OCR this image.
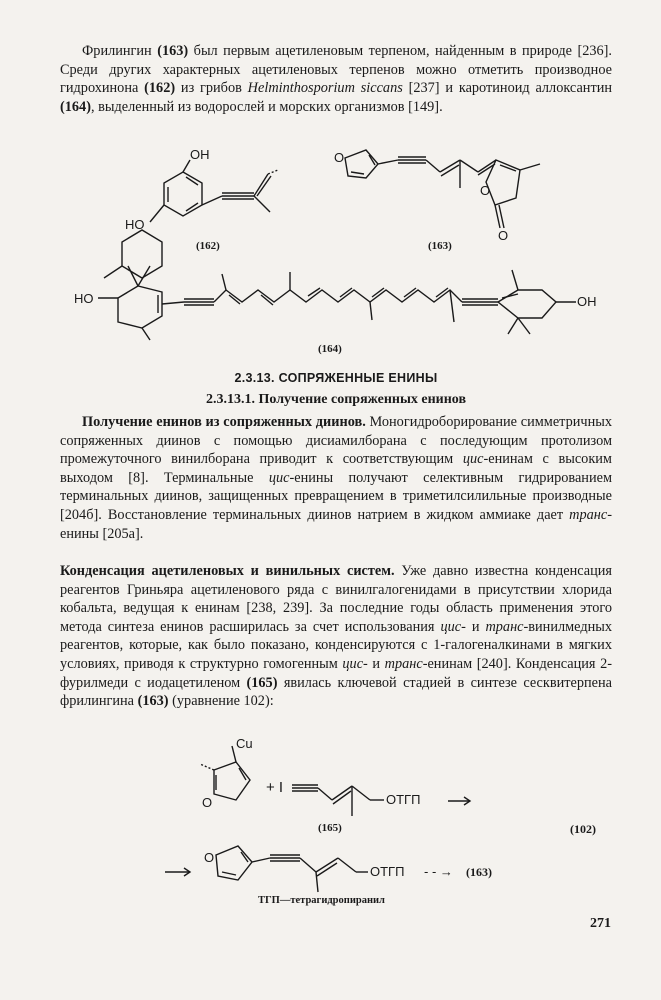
Фрилингин (163) был первым ацетиленовым терпеном, найденным в природе [236]. Среди других характерных ацетиленовых терпенов можно отметить производное гидрохинона (162) из грибов Helminthosporium siccans [237] и каротиноид аллоксантин (164), выделенный из водорослей и морских организмов [149].
OH
HO
(162)
O
O
O
(163)
HO	OH
(164)
2.3.13. СОПРЯЖЕННЫЕ ЕНИНЫ
2.3.13.1. Получение сопряженных енинов
Получение енинов из сопряженных диинов. Моногидроборирование симметричных сопряженных диинов с помощью дисиамилборана с последующим протолизом промежуточного винилборана приводит к соответствующим цис-енинам с высоким выходом [8]. Терминальные цис-енины получают селективным гидрированием терминальных диинов, защищенных превращением в триметилсилильные производные [204б]. Восстановление терминальных диинов натрием в жидком аммиаке дает транс-енины [205а].
Конденсация ацетиленовых и винильных систем. Уже давно известна конденсация реагентов Гриньяра ацетиленового ряда с винилгалогенидами в присутствии хлорида кобальта, ведущая к енинам [238, 239]. За последние годы область применения этого метода синтеза енинов расширилась за счет использования цис- и транс-винилмедных реагентов, которые, как было показано, конденсируются с 1-галогеналкинами в мягких условиях, приводя к структурно гомогенным цис- и транс-енинам [240]. Конденсация 2-фурилмеди с иодацетиленом (165) явилась ключевой стадией в синтезе сесквитерпена фрилингина (163) (уравнение 102):
Cu
O
+ I
OТГП
(165)	(102)
O
OТГП - - → (163)
ТГП—тетрагидропиранил
271
